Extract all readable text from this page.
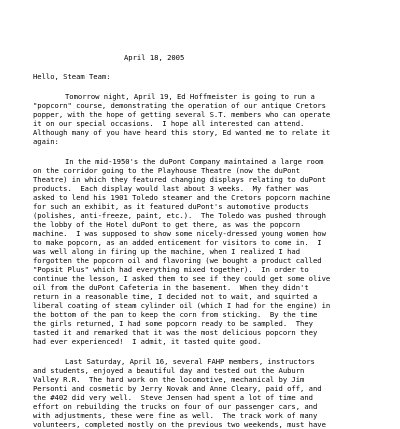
April 18, 2005
Hello, Steam Team:
Tomorrow night, April 19, Ed Hoffmeister is going to run a
"popcorn" course, demonstrating the operation of our antique Cretors
popper, with the hope of getting several S.T. members who can operate
it on our special occasions.  I hope all interested can attend.
Although many of you have heard this story, Ed wanted me to relate it
again:
In the mid-1950's the duPont Company maintained a large room
on the corridor going to the Playhouse Theatre (now the duPont
Theatre) in which they featured changing displays relating to duPont
products.  Each display would last about 3 weeks.  My father was
asked to lend his 1901 Toledo steamer and the Cretors popcorn machine
for such an exhibit, as it featured duPont's automotive products
(polishes, anti-freeze, paint, etc.).  The Toledo was pushed through
the lobby of the Hotel duPont to get there, as was the popcorn
machine.  I was supposed to show some nicely-dressed young women how
to make popcorn, as an added enticement for visitors to come in.  I
was well along in firing up the machine, when I realized I had
forgotten the popcorn oil and flavoring (we bought a product called
"Popsit Plus" which had everything mixed together).  In order to
continue the lesson, I asked them to see if they could get some olive
oil from the duPont Cafeteria in the basement.  When they didn't
return in a reasonable time, I decided not to wait, and squirted a
liberal coating of steam cylinder oil (which I had for the engine) in
the bottom of the pan to keep the corn from sticking.  By the time
the girls returned, I had some popcorn ready to be sampled.  They
tasted it and remarked that it was the most delicious popcorn they
had ever experienced!  I admit, it tasted quite good.
Last Saturday, April 16, several FAHP members, instructors
and students, enjoyed a beautiful day and tested out the Auburn
Valley R.R.  The hard work on the locomotive, mechanical by Jim
Personti and cosmetic by Jerry Novak and Anne Cleary, paid off, and
the #402 did very well.  Steve Jensen had spent a lot of time and
effort on rebuilding the trucks on four of our passenger cars, and
with adjustments, these were fine as well.  The track work of many
volunteers, completed mostly on the previous two weekends, must have
